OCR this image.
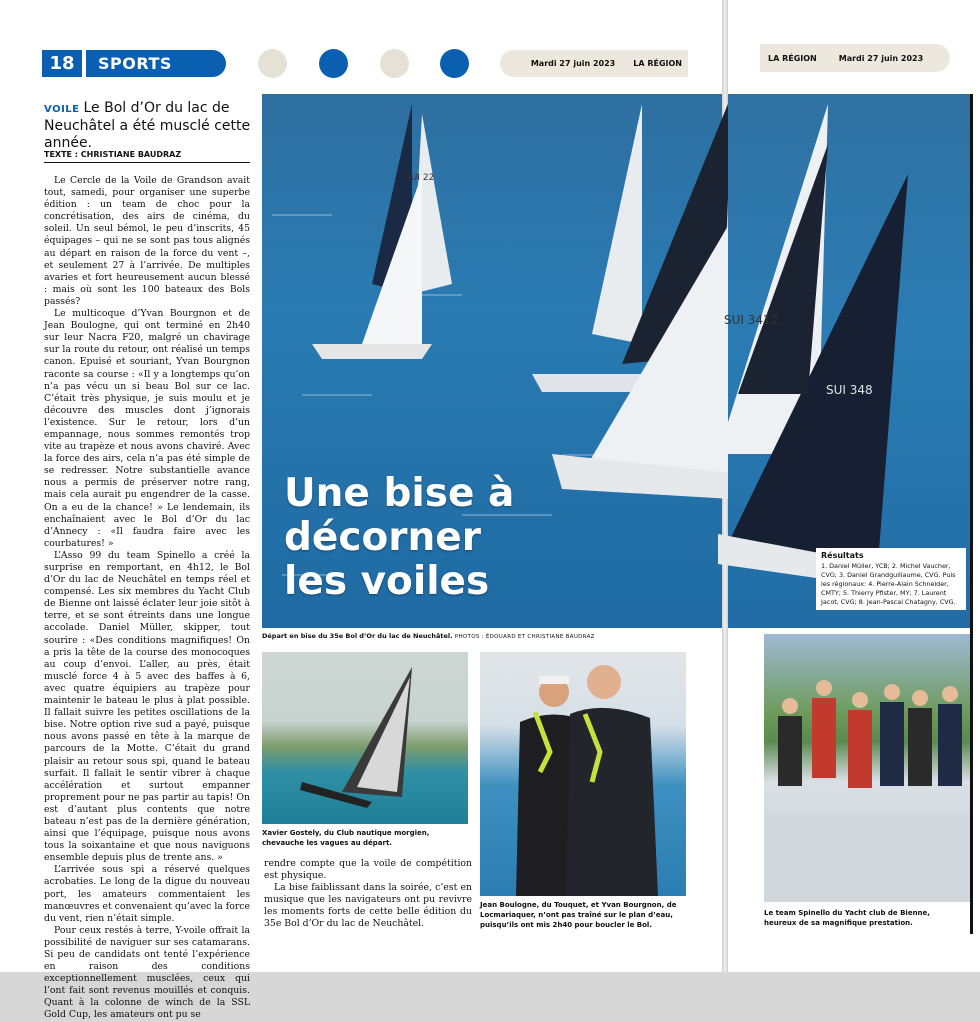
18	SPORTS	Mardi 27 juin 2023 LA RÉGION
LA RÉGION	Mardi 27 juin 2023
VOILE Le Bol d’Or du lac de Neuchâtel a été musclé cette année.
TEXTE : CHRISTIANE BAUDRAZ

Le Cercle de la Voile de Grandson avait tout, samedi, pour organiser une superbe édition : un team de choc pour la concrétisation, des airs de cinéma, du soleil. Un seul bémol, le peu d’inscrits, 45 équipages – qui ne se sont pas tous alignés au départ en raison de la force du vent –, et seulement 27 à l’arrivée. De multiples avaries et fort heureusement aucun blessé : mais où sont les 100 bateaux des Bols passés?

Le multicoque d’Yvan Bourgnon et de Jean Boulogne, qui ont terminé en 2h40 sur leur Nacra F20, malgré un chavirage sur la route du retour, ont réalisé un temps canon. Epuisé et souriant, Yvan Bourgnon raconte sa course : «Il y a longtemps qu’on n’a pas vécu un si beau Bol sur ce lac. C’était très physique, je suis moulu et je découvre des muscles dont j’ignorais l’existence. Sur le retour, lors d’un empannage, nous sommes remontés trop vite au trapèze et nous avons chaviré. Avec la force des airs, cela n’a pas été simple de se redresser. Notre substantielle avance nous a permis de préserver notre rang, mais cela aurait pu engendrer de la casse. On a eu de la chance! » Le lendemain, ils enchaînaient avec le Bol d’Or du lac d’Annecy : «Il faudra faire avec les courbatures! »

L’Asso 99 du team Spinello a créé la surprise en remportant, en 4h12, le Bol d’Or du lac de Neuchâtel en temps réel et compensé. Les six membres du Yacht Club de Bienne ont laissé éclater leur joie sitôt à terre, et se sont étreints dans une longue accolade. Daniel Müller, skipper, tout sourire : «Des conditions magnifiques! On a pris la tête de la course des monocoques au coup d’envoi. L’aller, au près, était musclé force 4 à 5 avec des baffes à 6, avec quatre équipiers au trapèze pour maintenir le bateau le plus à plat possible. Il fallait suivre les petites oscillations de la bise. Notre option rive sud a payé, puisque nous avons passé en tête à la marque de parcours de la Motte. C’était du grand plaisir au retour sous spi, quand le bateau surfait. Il fallait le sentir vibrer à chaque accélération et surtout empanner proprement pour ne pas partir au tapis! On est d’autant plus contents que notre bateau n’est pas de la dernière génération, ainsi que l’équipage, puisque nous avons tous la soixantaine et que nous naviguons ensemble depuis plus de trente ans. »

L’arrivée sous spi a réservé quelques acrobaties. Le long de la digue du nouveau port, les amateurs commentaient les manœuvres et convenaient qu’avec la force du vent, rien n’était simple.

Pour ceux restés à terre, Y-voile offrait la possibilité de naviguer sur ses catamarans. Si peu de candidats ont tenté l’expérience en raison des conditions exceptionnellement musclées, ceux qui l’ont fait sont revenus mouillés et conquis. Quant à la colonne de winch de la SSL Gold Cup, les amateurs ont pu se

rendre compte que la voile de compétition est physique.

La bise faiblissant dans la soirée, c’est en musique que les navigateurs ont pu revivre les moments forts de cette belle édition du 35e Bol d’Or du lac de Neuchâtel.

SUI 22
Une bise à décorner les voiles
SUI 348
SUI 3412
Résultats
1. Daniel Müller, YCB; 2. Michel Vaucher, CVG; 3. Daniel Grandguillaume, CVG. Puis les régionaux: 4. Pierre-Alain Schneider, CMTY; 5. Thierry Pfister, MY; 7. Laurent Jacot, CVG; 8. Jean-Pascal Chatagny, CVG.
Départ en bise du 35e Bol d’Or du lac de Neuchâtel. PHOTOS : ÉDOUARD ET CHRISTIANE BAUDRAZ
Xavier Gostely, du Club nautique morgien, chevauche les vagues au départ.
Jean Boulogne, du Touquet, et Yvan Bourgnon, de Locmariaquer, n’ont pas traîné sur le plan d’eau, puisqu’ils ont mis 2h40 pour boucler le Bol.
Le team Spinello du Yacht club de Bienne, heureux de sa magnifique prestation.
